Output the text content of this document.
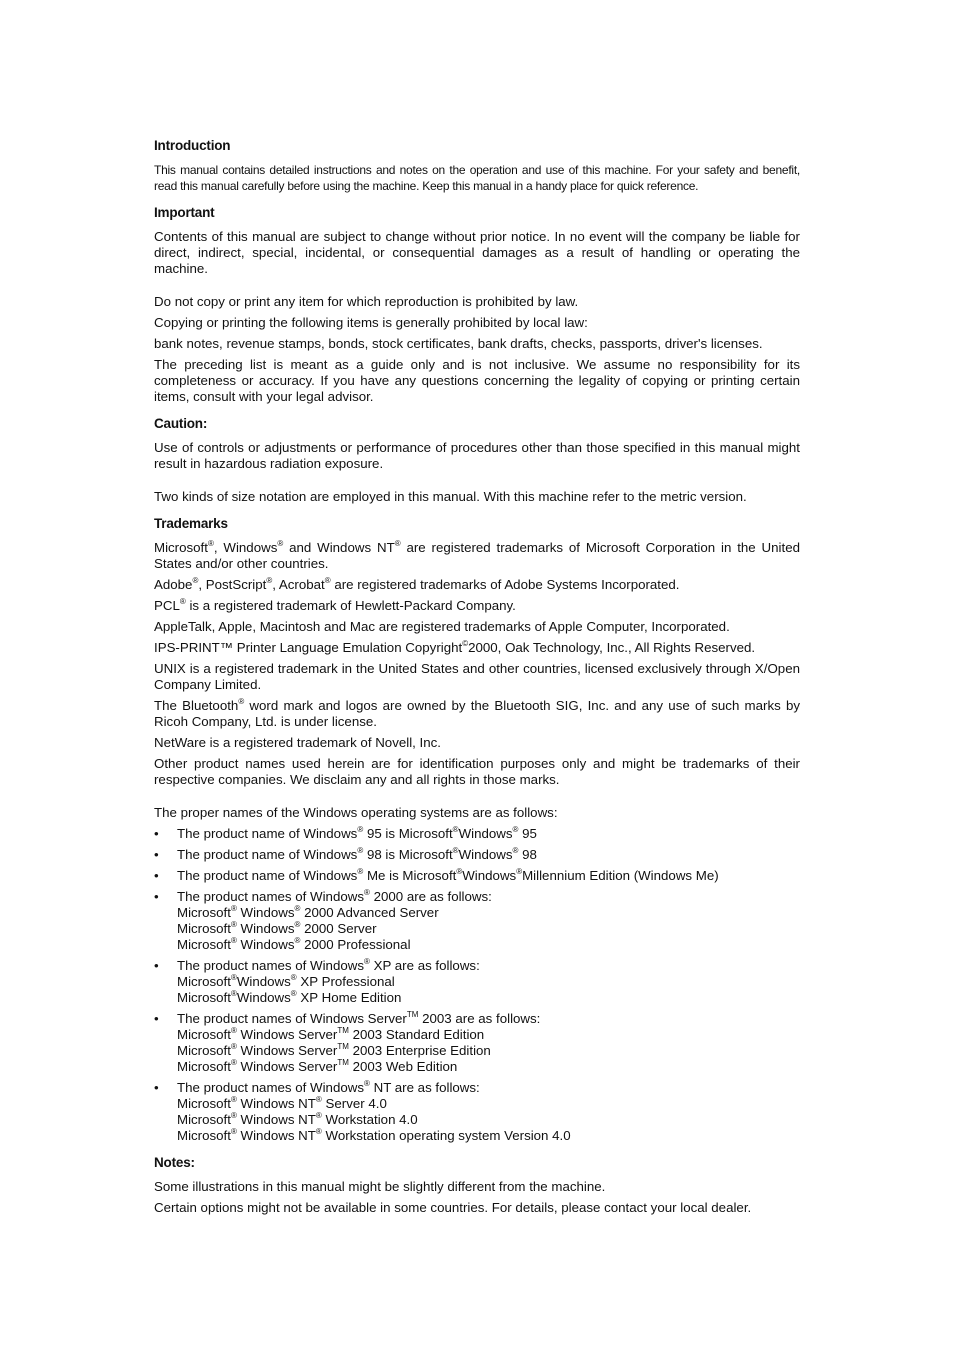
Introduction
This manual contains detailed instructions and notes on the operation and use of this machine. For your safety and benefit, read this manual carefully before using the machine. Keep this manual in a handy place for quick reference.
Important
Contents of this manual are subject to change without prior notice. In no event will the company be liable for direct, indirect, special, incidental, or consequential damages as a result of handling or operating the machine.
Do not copy or print any item for which reproduction is prohibited by law.
Copying or printing the following items is generally prohibited by local law:
bank notes, revenue stamps, bonds, stock certificates, bank drafts, checks, passports, driver's licenses.
The preceding list is meant as a guide only and is not inclusive. We assume no responsibility for its completeness or accuracy. If you have any questions concerning the legality of copying or printing certain items, consult with your legal advisor.
Caution:
Use of controls or adjustments or performance of procedures other than those specified in this manual might result in hazardous radiation exposure.
Two kinds of size notation are employed in this manual. With this machine refer to the metric version.
Trademarks
Microsoft®, Windows® and Windows NT® are registered trademarks of Microsoft Corporation in the United States and/or other countries.
Adobe®, PostScript®, Acrobat® are registered trademarks of Adobe Systems Incorporated.
PCL® is a registered trademark of Hewlett-Packard Company.
AppleTalk, Apple, Macintosh and Mac are registered trademarks of Apple Computer, Incorporated.
IPS-PRINT™ Printer Language Emulation Copyright©2000, Oak Technology, Inc., All Rights Reserved.
UNIX is a registered trademark in the United States and other countries, licensed exclusively through X/Open Company Limited.
The Bluetooth® word mark and logos are owned by the Bluetooth SIG, Inc. and any use of such marks by Ricoh Company, Ltd. is under license.
NetWare is a registered trademark of Novell, Inc.
Other product names used herein are for identification purposes only and might be trademarks of their respective companies. We disclaim any and all rights in those marks.
The proper names of the Windows operating systems are as follows:
• The product name of Windows® 95 is Microsoft®Windows® 95
• The product name of Windows® 98 is Microsoft®Windows® 98
• The product name of Windows® Me is Microsoft®Windows®Millennium Edition (Windows Me)
• The product names of Windows® 2000 are as follows:
Microsoft® Windows® 2000 Advanced Server
Microsoft® Windows® 2000 Server
Microsoft® Windows® 2000 Professional
• The product names of Windows® XP are as follows:
Microsoft®Windows® XP Professional
Microsoft®Windows® XP Home Edition
• The product names of Windows Server™ 2003 are as follows:
Microsoft® Windows Server™ 2003 Standard Edition
Microsoft® Windows Server™ 2003 Enterprise Edition
Microsoft® Windows Server™ 2003 Web Edition
• The product names of Windows® NT are as follows:
Microsoft® Windows NT® Server 4.0
Microsoft® Windows NT® Workstation 4.0
Microsoft® Windows NT® Workstation operating system Version 4.0
Notes:
Some illustrations in this manual might be slightly different from the machine.
Certain options might not be available in some countries. For details, please contact your local dealer.
